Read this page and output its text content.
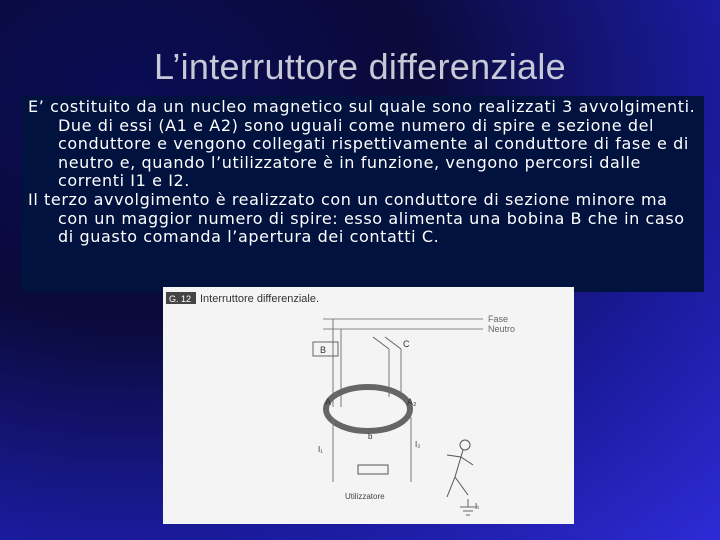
L’interruttore differenziale

E’ costituito da un nucleo magnetico sul quale sono realizzati 3 avvolgimenti. Due di essi (A1 e A2) sono uguali come numero di spire e sezione del conduttore e vengono collegati rispettivamente al conduttore di fase e di neutro e, quando l’utilizzatore è in funzione, vengono percorsi dalle correnti I1 e I2.

Il terzo avvolgimento è realizzato con un conduttore di sezione minore ma con un maggior numero di spire: esso alimenta una bobina B che in caso di guasto comanda l’apertura dei contatti C.

G. 12 Interruttore differenziale.
Fase
Neutro
B
C
A	A₂
b
I₁
I₂
Utilizzatore
Iₜ
